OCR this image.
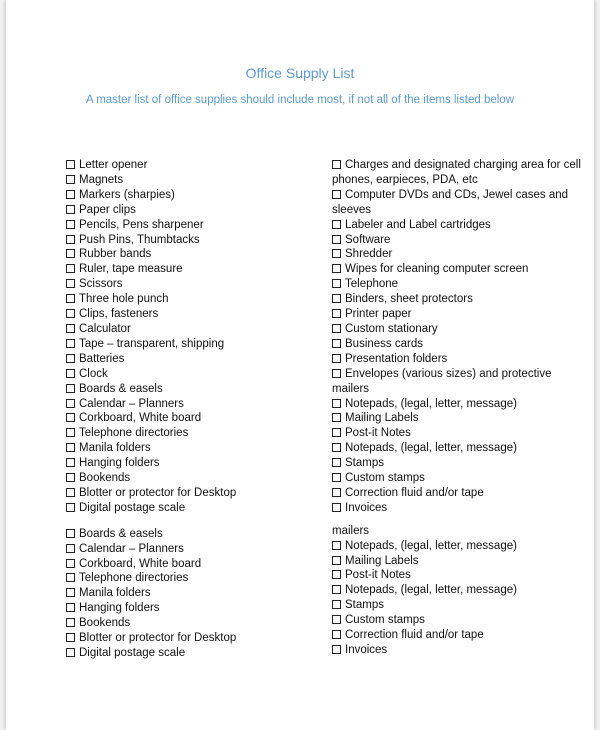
Office Supply List
A master list of office supplies should include most, if not all of the items listed below
Letter opener
Magnets
Markers (sharpies)
Paper clips
Pencils, Pens sharpener
Push Pins, Thumbtacks
Rubber bands
Ruler, tape measure
Scissors
Three hole punch
Clips, fasteners
Calculator
Tape – transparent, shipping
Batteries
Clock
Boards & easels
Calendar – Planners
Corkboard, White board
Telephone directories
Manila folders
Hanging folders
Bookends
Blotter or protector for Desktop
Digital postage scale
Boards & easels
Calendar – Planners
Corkboard, White board
Telephone directories
Manila folders
Hanging folders
Bookends
Blotter or protector for Desktop
Digital postage scale
Charges and designated charging area for cell phones, earpieces, PDA, etc
Computer DVDs and CDs, Jewel cases and sleeves
Labeler and Label cartridges
Software
Shredder
Wipes for cleaning computer screen
Telephone
Binders, sheet protectors
Printer paper
Custom stationary
Business cards
Presentation folders
Envelopes (various sizes) and protective mailers
Notepads, (legal, letter, message)
Mailing Labels
Post-it Notes
Notepads, (legal, letter, message)
Stamps
Custom stamps
Correction fluid and/or tape
Invoices
mailers
Notepads, (legal, letter, message)
Mailing Labels
Post-it Notes
Notepads, (legal, letter, message)
Stamps
Custom stamps
Correction fluid and/or tape
Invoices
